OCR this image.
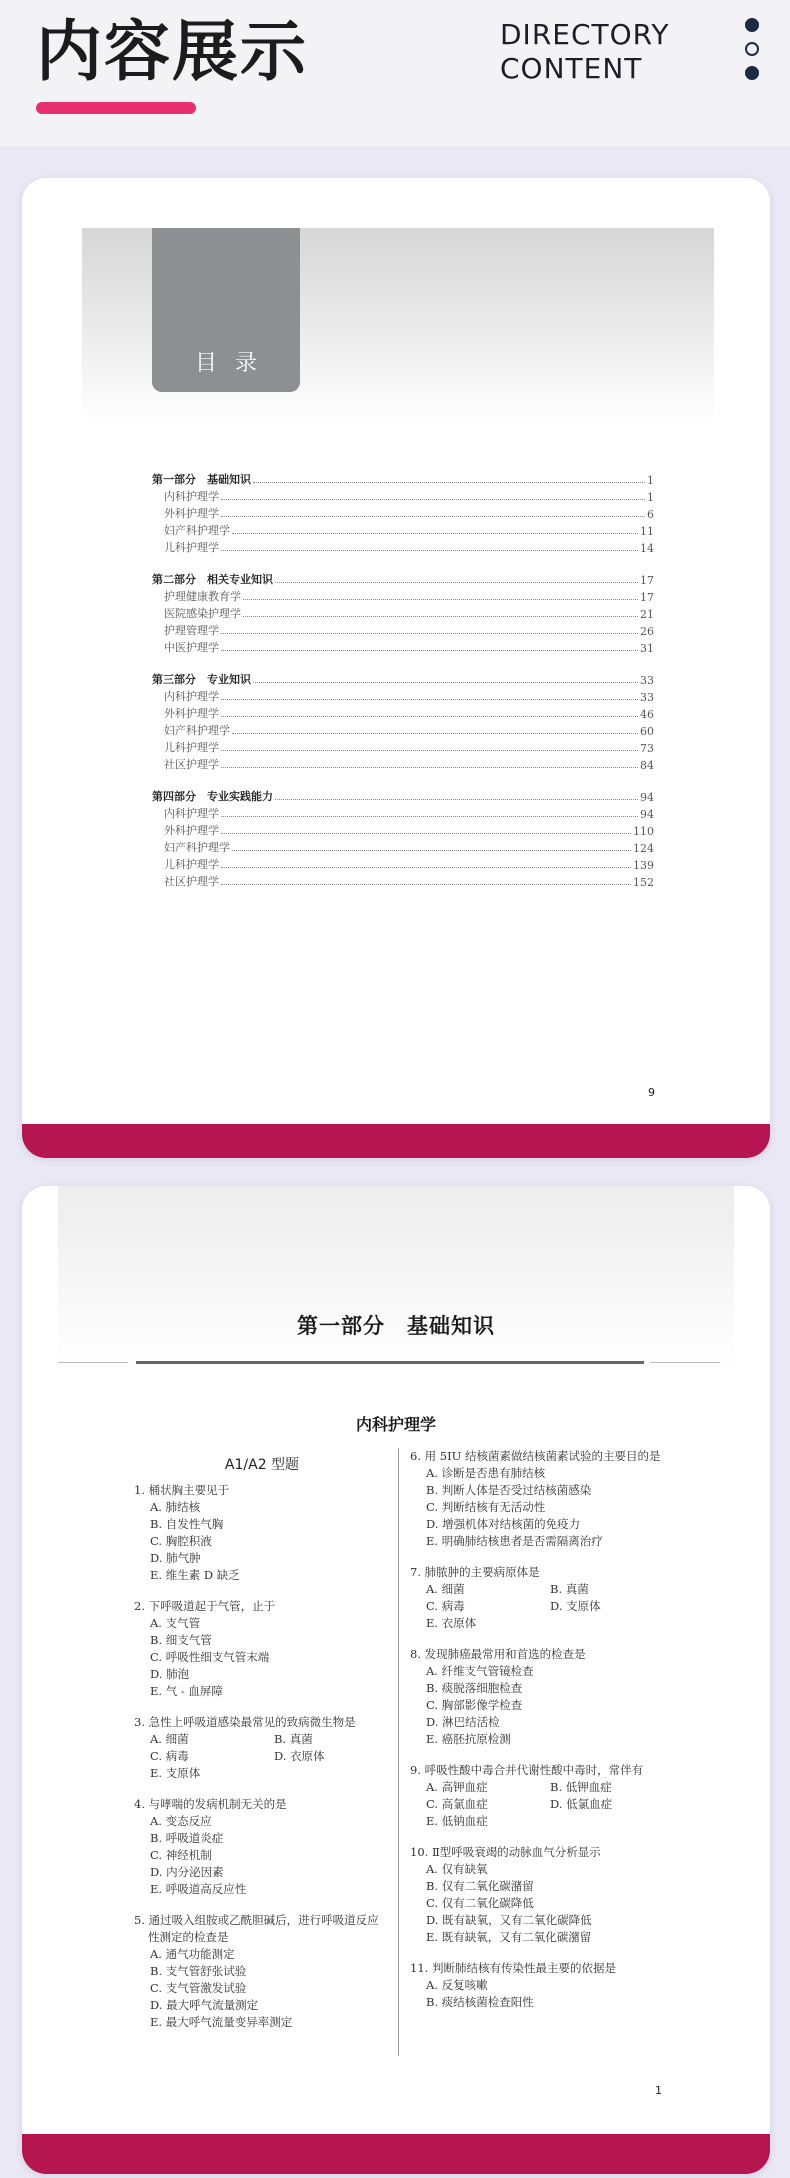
内容展示	DIRECTORY
CONTENT
目录
第一部分　基础知识	1
内科护理学	1
外科护理学	6
妇产科护理学	11
儿科护理学	14
第二部分　相关专业知识	17
护理健康教育学	17
医院感染护理学	21
护理管理学	26
中医护理学	31
第三部分　专业知识	33
内科护理学	33
外科护理学	46
妇产科护理学	60
儿科护理学	73
社区护理学	84
第四部分　专业实践能力	94
内科护理学	94
外科护理学	110
妇产科护理学	124
儿科护理学	139
社区护理学	152
9
第一部分　基础知识
内科护理学
A1/A2 型题
1. 桶状胸主要见于
A. 肺结核
B. 自发性气胸
C. 胸腔积液
D. 肺气肿
E. 维生素 D 缺乏
2. 下呼吸道起于气管，止于
A. 支气管
B. 细支气管
C. 呼吸性细支气管末端
D. 肺泡
E. 气 - 血屏障
3. 急性上呼吸道感染最常见的致病微生物是
A. 细菌	B. 真菌
C. 病毒	D. 衣原体
E. 支原体
4. 与哮喘的发病机制无关的是
A. 变态反应
B. 呼吸道炎症
C. 神经机制
D. 内分泌因素
E. 呼吸道高反应性
5. 通过吸入组胺或乙酰胆碱后，进行呼吸道反应性测定的检查是
A. 通气功能测定
B. 支气管舒张试验
C. 支气管激发试验
D. 最大呼气流量测定
E. 最大呼气流量变异率测定
6. 用 5IU 结核菌素做结核菌素试验的主要目的是
A. 诊断是否患有肺结核
B. 判断人体是否受过结核菌感染
C. 判断结核有无活动性
D. 增强机体对结核菌的免疫力
E. 明确肺结核患者是否需隔离治疗
7. 肺脓肿的主要病原体是
A. 细菌	B. 真菌
C. 病毒	D. 支原体
E. 衣原体
8. 发现肺癌最常用和首选的检查是
A. 纤维支气管镜检查
B. 痰脱落细胞检查
C. 胸部影像学检查
D. 淋巴结活检
E. 癌胚抗原检测
9. 呼吸性酸中毒合并代谢性酸中毒时，常伴有
A. 高钾血症	B. 低钾血症
C. 高氯血症	D. 低氯血症
E. 低钠血症
10. Ⅱ型呼吸衰竭的动脉血气分析显示
A. 仅有缺氧
B. 仅有二氧化碳潴留
C. 仅有二氧化碳降低
D. 既有缺氧，又有二氧化碳降低
E. 既有缺氧，又有二氧化碳潴留
11. 判断肺结核有传染性最主要的依据是
A. 反复咳嗽
B. 痰结核菌检查阳性
1
